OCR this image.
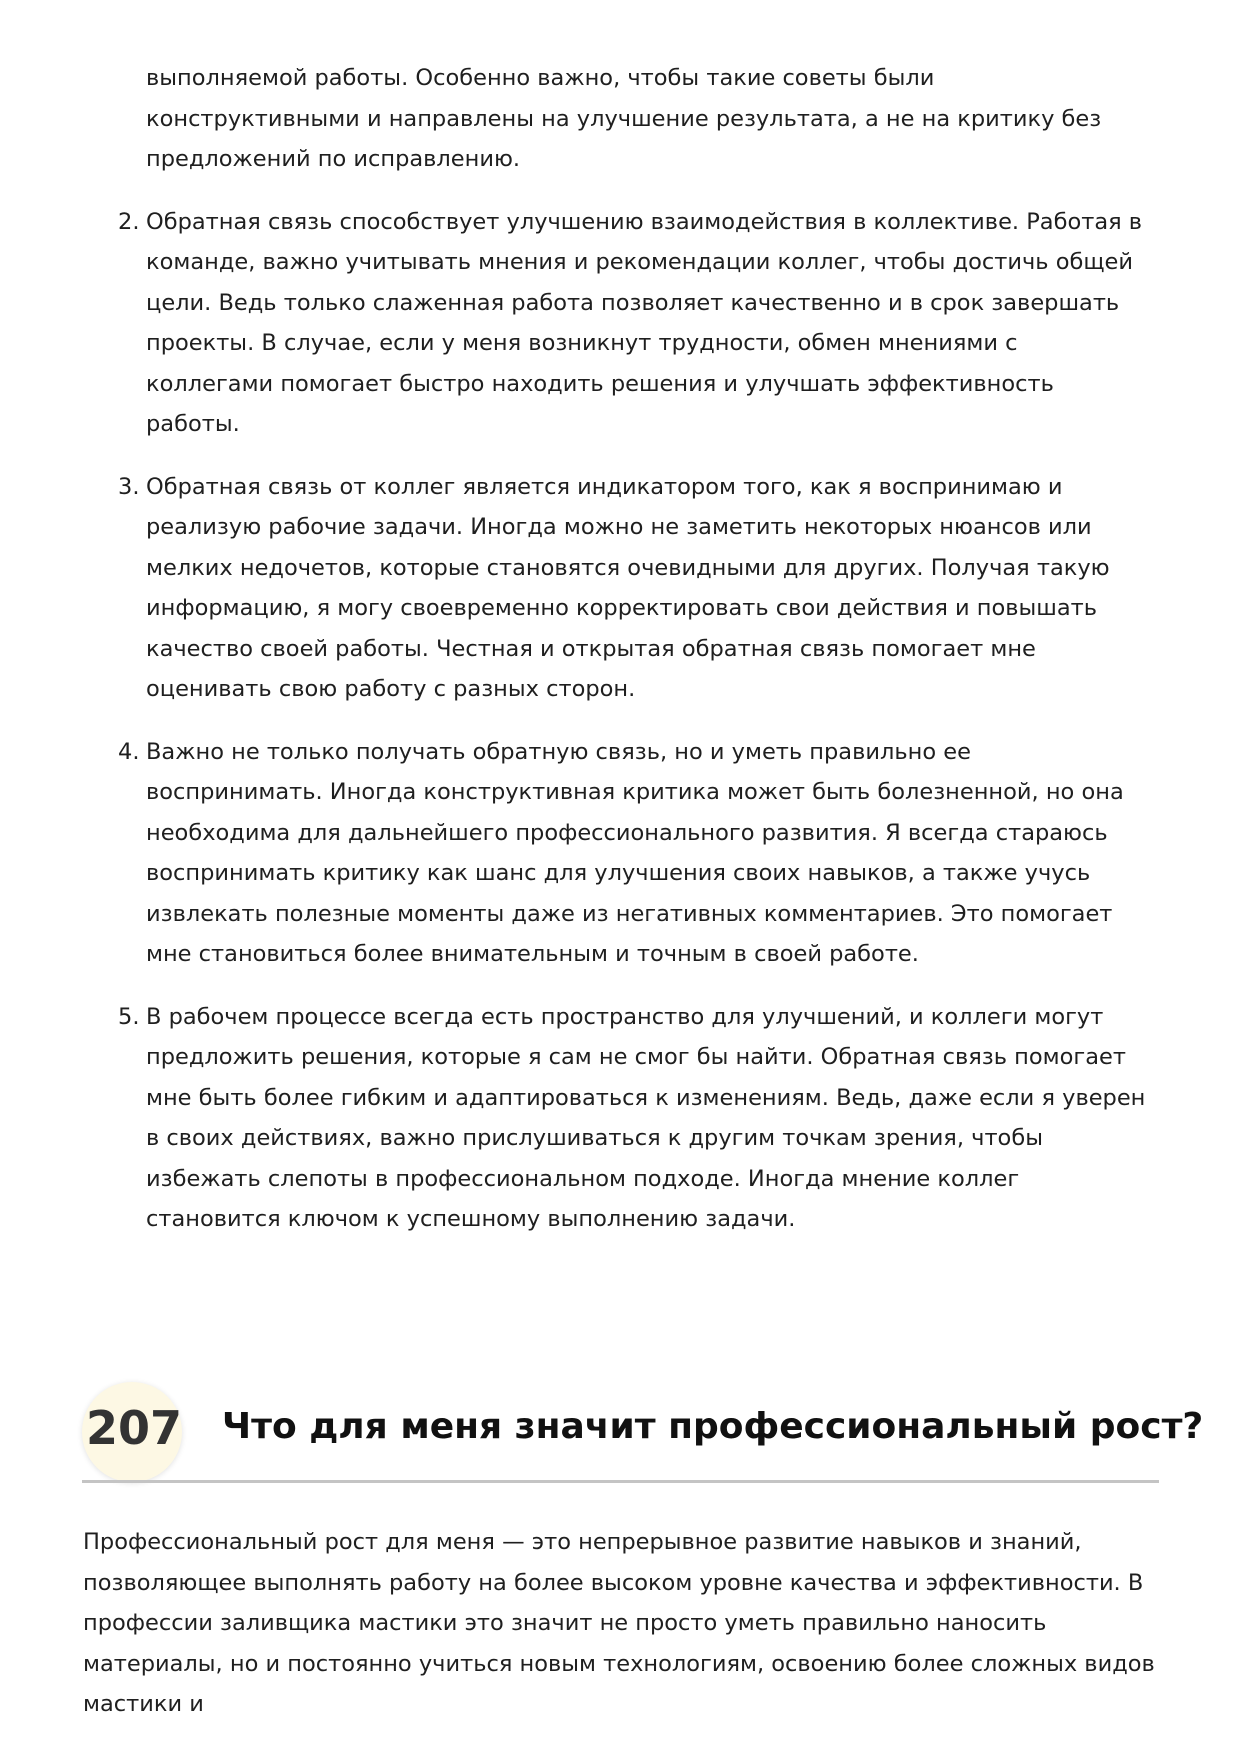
выполняемой работы. Особенно важно, чтобы такие советы были конструктивными и направлены на улучшение результата, а не на критику без предложений по исправлению.
2. Обратная связь способствует улучшению взаимодействия в коллективе. Работая в команде, важно учитывать мнения и рекомендации коллег, чтобы достичь общей цели. Ведь только слаженная работа позволяет качественно и в срок завершать проекты. В случае, если у меня возникнут трудности, обмен мнениями с коллегами помогает быстро находить решения и улучшать эффективность работы.
3. Обратная связь от коллег является индикатором того, как я воспринимаю и реализую рабочие задачи. Иногда можно не заметить некоторых нюансов или мелких недочетов, которые становятся очевидными для других. Получая такую информацию, я могу своевременно корректировать свои действия и повышать качество своей работы. Честная и открытая обратная связь помогает мне оценивать свою работу с разных сторон.
4. Важно не только получать обратную связь, но и уметь правильно ее воспринимать. Иногда конструктивная критика может быть болезненной, но она необходима для дальнейшего профессионального развития. Я всегда стараюсь воспринимать критику как шанс для улучшения своих навыков, а также учусь извлекать полезные моменты даже из негативных комментариев. Это помогает мне становиться более внимательным и точным в своей работе.
5. В рабочем процессе всегда есть пространство для улучшений, и коллеги могут предложить решения, которые я сам не смог бы найти. Обратная связь помогает мне быть более гибким и адаптироваться к изменениям. Ведь, даже если я уверен в своих действиях, важно прислушиваться к другим точкам зрения, чтобы избежать слепоты в профессиональном подходе. Иногда мнение коллег становится ключом к успешному выполнению задачи.
207 Что для меня значит профессиональный рост?
Профессиональный рост для меня — это непрерывное развитие навыков и знаний, позволяющее выполнять работу на более высоком уровне качества и эффективности. В профессии заливщика мастики это значит не просто уметь правильно наносить материалы, но и постоянно учиться новым технологиям, освоению более сложных видов мастики и
